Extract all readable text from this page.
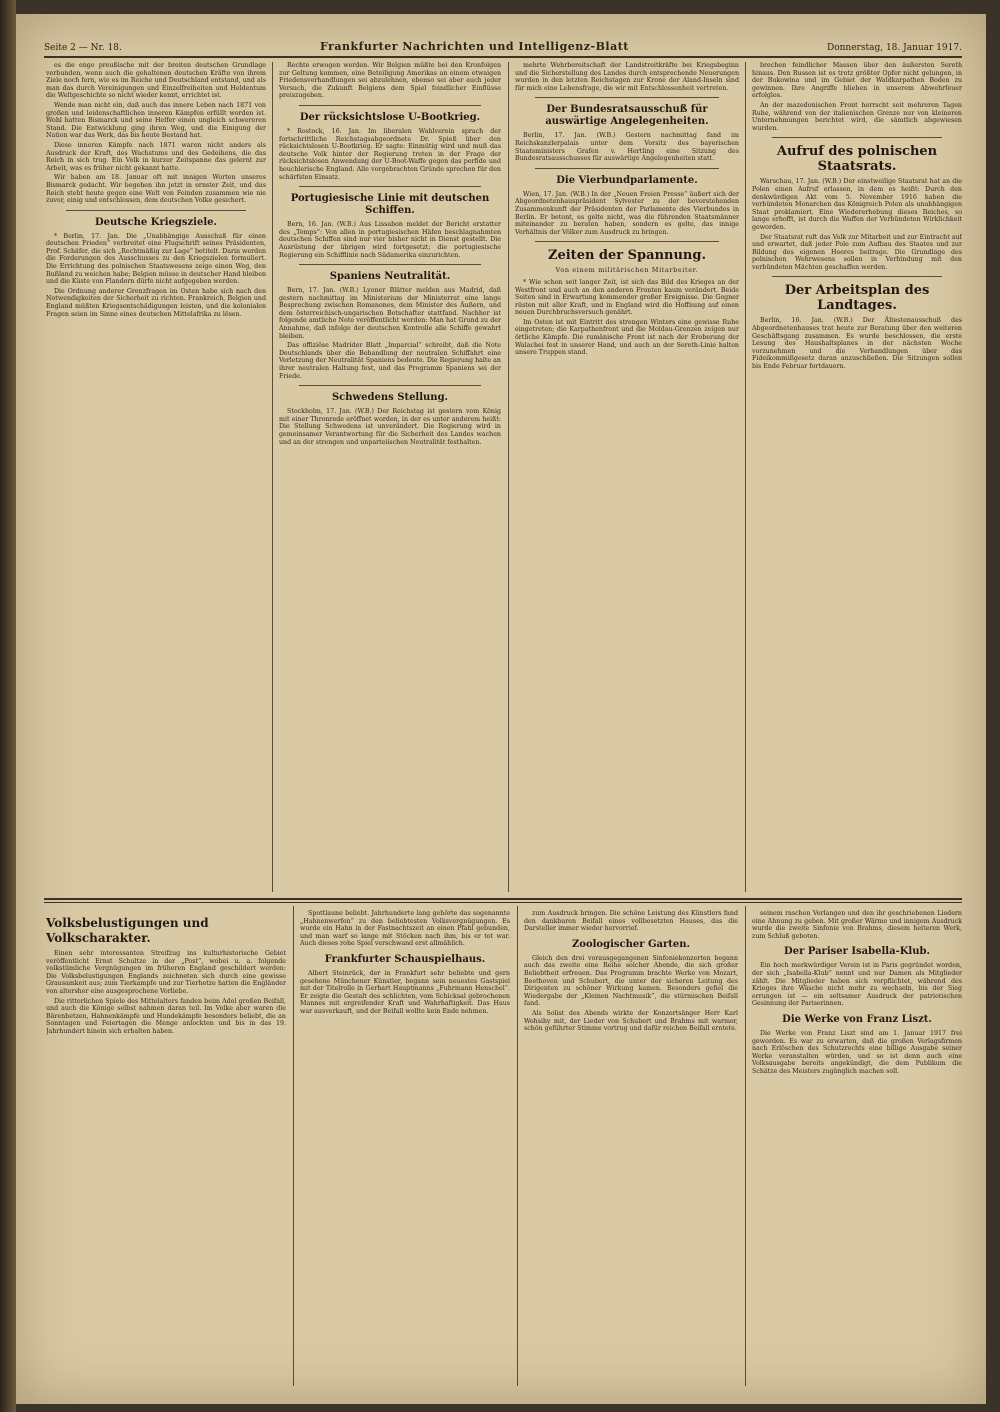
Seite 2 — Nr. 18.	Frankfurter Nachrichten und Intelligenz-Blatt	Donnerstag, 18. Januar 1917.

es die enge preußische mit der breiten deutschen Grundlage verbunden, wenn auch die gehaltenen deutschen Kräfte von ihrem Ziele noch fern, wie es im Reiche und Deutschland entstand, und als man das durch Vereinigungen und Einzelfreiheiten und Heldentum die Weltgeschichte so nicht wieder kennt, errichtet ist.

Wende man nicht ein, daß auch das innere Leben nach 1871 von großen und leidenschaftlichen inneren Kämpfen erfüllt worden ist. Wohl hatten Bismarck und seine Helfer einen ungleich schwereren Stand. Die Entwicklung ging ihren Weg, und die Einigung der Nation war das Werk, das bis heute Bestand hat.

Diese inneren Kämpfe nach 1871 waren nicht anders als Ausdruck der Kraft, des Wachstums und des Gedeihens, die das Reich in sich trug. Ein Volk in kurzer Zeitspanne das gelernt zur Arbeit, was es früher nicht gekannt hatte.

Wir haben am 18. Januar oft mit innigen Worten unseres Bismarck gedacht. Wir begehen ihn jetzt in ernster Zeit, und das Reich steht heute gegen eine Welt von Feinden zusammen wie nie zuvor, einig und entschlossen, dem deutschen Volke gesichert.

Deutsche Kriegsziele.

* Berlin, 17. Jan. Die „Unabhängige Ausschuß für einen deutschen Frieden“ verbreitet eine Flugschrift seines Präsidenten, Prof. Schäfer, die sich „Rechtmäßig zur Lage“ betitelt. Darin werden die Forderungen des Ausschusses zu den Kriegszielen formuliert. Die Errichtung des polnischen Staatswesens zeige einen Weg, den Rußland zu weichen habe; Belgien müsse in deutscher Hand bleiben und die Küste von Flandern dürfe nicht aufgegeben werden.

Die Ordnung anderer Grenzfragen im Osten habe sich nach den Notwendigkeiten der Sicherheit zu richten. Frankreich, Belgien und England müßten Kriegsentschädigungen leisten, und die kolonialen Fragen seien im Sinne eines deutschen Mittelafrika zu lösen.

Rechte erwogen werden. Wir Belgien müßte bei den Kronfolgen zur Geltung kommen, eine Beteiligung Amerikas an einem etwaigen Friedensverhandlungen sei abzulehnen, ebenso sei aber auch jeder Versuch, die Zukunft Belgiens dem Spiel feindlicher Einflüsse preiszugeben.

Der rücksichtslose U-Bootkrieg.

* Rostock, 16. Jan. Im liberalen Wahlverein sprach der fortschrittliche Reichstagsabgeordnete Dr. Spieß über den rücksichtslosen U-Bootkrieg. Er sagte: Einmütig wird und muß das deutsche Volk hinter der Regierung treten in der Frage der rücksichtslosen Anwendung der U-Boot-Waffe gegen das perfide und heuchlerische England. Alle vorgebrachten Gründe sprechen für den schärfsten Einsatz.

Portugiesische Linie mit deutschen Schiffen.

Bern, 16. Jan. (W.B.) Aus Lissabon meldet der Bericht erstatter des „Temps“: Von allen in portugiesischen Häfen beschlagnahmten deutschen Schiffen sind nur vier bisher nicht in Dienst gestellt. Die Ausrüstung der übrigen wird fortgesetzt; die portugiesische Regierung ein Schifflinie nach Südamerika einzurichten.

Spaniens Neutralität.

Bern, 17. Jan. (W.B.) Lyoner Blätter melden aus Madrid, daß gestern nachmittag im Ministerium der Ministerrat eine lange Besprechung zwischen Romanones, dem Minister des Äußern, und dem österreichisch-ungarischen Botschafter stattfand. Nachher ist folgende amtliche Note veröffentlicht worden: Man hat Grund zu der Annahme, daß infolge der deutschen Kontrolle alle Schiffe gewahrt bleiben.

Das offiziöse Madrider Blatt „Imparcial“ schreibt, daß die Note Deutschlands über die Behandlung der neutralen Schiffahrt eine Verletzung der Neutralität Spaniens bedeute. Die Regierung halte an ihrer neutralen Haltung fest, und das Programm Spaniens sei der Friede.

Schwedens Stellung.

Stockholm, 17. Jan. (W.B.) Der Reichstag ist gestern vom König mit einer Thronrede eröffnet worden, in der es unter anderem heißt: Die Stellung Schwedens ist unverändert. Die Regierung wird in gemeinsamer Verantwortung für die Sicherheit des Landes wachen und an der strengen und unparteiischen Neutralität festhalten.

mehrte Wehrbereitschaft der Landstreitkräfte bei Kriegsbeginn und die Sicherstellung des Landes durch entsprechende Neuerungen wurden in den letzten Reichstagen zur Krone der Aland-Inseln sind für mich eine Lebensfrage, die wir mit Entschlossenheit vertreten.

Der Bundesratsausschuß für auswärtige Angelegenheiten.

Berlin, 17. Jan. (W.B.) Gestern nachmittag fand im Reichskanzlerpalais unter dem Vorsitz des bayerischen Staatsministers Grafen v. Hertling eine Sitzung des Bundesratsausschusses für auswärtige Angelegenheiten statt.

Die Vierbundparlamente.

Wien, 17. Jan. (W.B.) In der „Neuen Freien Presse“ äußert sich der Abgeordnetenhauspräsident Sylvester zu der bevorstehenden Zusammenkunft der Präsidenten der Parlamente des Vierbundes in Berlin. Er betont, es gelte nicht, was die führenden Staatsmänner miteinander zu beraten haben, sondern es gelte, das innige Verhältnis der Völker zum Ausdruck zu bringen.

Zeiten der Spannung.
Von einem militärischen Mitarbeiter.

* Wie schon seit langer Zeit, ist sich das Bild des Krieges an der Westfront und auch an den anderen Fronten kaum verändert. Beide Seiten sind in Erwartung kommender großer Ereignisse. Die Gegner rüsten mit aller Kraft, und in England wird die Hoffnung auf einen neuen Durchbruchsversuch genährt.

Im Osten ist mit Eintritt des strengen Winters eine gewisse Ruhe eingetreten; die Karpathenfront und die Moldau-Grenzen zeigen nur örtliche Kämpfe. Die rumänische Front ist nach der Eroberung der Walachei fest in unserer Hand, und auch an der Sereth-Linie halten unsere Truppen stand.

brechen feindlicher Massen über den äußersten Sereth hinaus. Den Russen ist es trotz größter Opfer nicht gelungen, in der Bukowina und im Gebiet der Waldkarpathen Boden zu gewinnen. Ihre Angriffe blieben in unserem Abwehrfeuer erfolglos.

An der mazedonischen Front herrscht seit mehreren Tagen Ruhe, während von der italienischen Grenze nur von kleineren Unternehmungen berichtet wird, die sämtlich abgewiesen wurden.

Aufruf des polnischen Staatsrats.

Warschau, 17. Jan. (W.B.) Der einstweilige Staatsrat hat an die Polen einen Aufruf erlassen, in dem es heißt: Durch den denkwürdigen Akt vom 5. November 1916 haben die verbündeten Monarchen das Königreich Polen als unabhängigen Staat proklamiert. Eine Wiedererhebung dieses Reiches, so lange erhofft, ist durch die Waffen der Verbündeten Wirklichkeit geworden.

Der Staatsrat ruft das Volk zur Mitarbeit und zur Eintracht auf und erwartet, daß jeder Pole zum Aufbau des Staates und zur Bildung des eigenen Heeres beitrage. Die Grundlage des polnischen Wehrwesens sollen in Verbindung mit den verbündeten Mächten geschaffen werden.

Der Arbeitsplan des Landtages.

Berlin, 16. Jan. (W.B.) Der Ältestenausschuß des Abgeordnetenhauses trat heute zur Beratung über den weiteren Geschäftsgang zusammen. Es wurde beschlossen, die erste Lesung des Haushaltsplanes in der nächsten Woche vorzunehmen und die Verhandlungen über das Fideikommißgesetz daran anzuschließen. Die Sitzungen sollen bis Ende Februar fortdauern.

Volksbelustigungen und Volkscharakter.

Einen sehr interessanten Streifzug ins kulturhistorische Gebiet veröffentlicht Ernst Schultze in der „Post“, wobei u. a. folgende volkstümliche Vergnügungen im früheren England geschildert werden: Die Volksbelustigungen Englands zeichneten sich durch eine gewisse Grausamkeit aus; zum Tierkampfe und zur Tierhetze hatten die Engländer von altersher eine ausgesprochene Vorliebe.

Die ritterlichen Spiele des Mittelalters fanden beim Adel großen Beifall, und auch die Könige selbst nahmen daran teil. Im Volke aber waren die Bärenhetzen, Hahnenkämpfe und Hundekämpfe besonders beliebt, die an Sonntagen und Feiertagen die Menge anlockten und bis in das 19. Jahrhundert hinein sich erhalten haben.

Spottlaune beliebt. Jahrhunderte lang gehörte das sogenannte „Hahnenwerfen“ zu den beliebtesten Volksvergnügungen. Es wurde ein Hahn in der Fastnachtszeit an einen Pfahl gebunden, und man warf so lange mit Stöcken nach ihm, bis er tot war. Auch dieses rohe Spiel verschwand erst allmählich.

Frankfurter Schauspielhaus.

Albert Steinrück, der in Frankfurt sehr beliebte und gern gesehene Münchener Künstler, begann sein neuestes Gastspiel mit der Titelrolle in Gerhart Hauptmanns „Fuhrmann Henschel“. Er zeigte die Gestalt des schlichten, vom Schicksal gebrochenen Mannes mit ergreifender Kraft und Wahrhaftigkeit. Das Haus war ausverkauft, und der Beifall wollte kein Ende nehmen.

zum Ausdruck bringen. Die schöne Leistung des Künstlers fand den dankbaren Beifall eines vollbesetzten Hauses, das die Darsteller immer wieder hervorrief.

Zoologischer Garten.

Gleich den drei vorausgegangenen Sinfoniekonzerten begann auch das zweite eine Reihe solcher Abende, die sich großer Beliebtheit erfreuen. Das Programm brachte Werke von Mozart, Beethoven und Schubert, die unter der sicheren Leitung des Dirigenten zu schöner Wirkung kamen. Besonders gefiel die Wiedergabe der „Kleinen Nachtmusik“, die stürmischen Beifall fand.

Als Solist des Abends wirkte der Konzertsänger Herr Karl Wehsihy mit, der Lieder von Schubert und Brahms mit warmer, schön geführter Stimme vortrug und dafür reichen Beifall erntete.

seinem raschen Verlangen und den ihr geschriebenen Liedern eine Ahnung zu geben. Mit großer Wärme und innigem Ausdruck wurde die zweite Sinfonie von Brahms, diesem heiteren Werk, zum Schluß geboten.

Der Pariser Isabella-Klub.

Ein hoch merkwürdiger Verein ist in Paris gegründet worden, der sich „Isabella-Klub“ nennt und nur Damen als Mitglieder zählt. Die Mitglieder haben sich verpflichtet, während des Krieges ihre Wäsche nicht mehr zu wechseln, bis der Sieg errungen ist — ein seltsamer Ausdruck der patriotischen Gesinnung der Pariserinnen.

Die Werke von Franz Liszt.

Die Werke von Franz Liszt sind am 1. Januar 1917 frei geworden. Es war zu erwarten, daß die großen Verlagsfirmen nach Erlöschen des Schutzrechts eine billige Ausgabe seiner Werke veranstalten würden, und so ist denn auch eine Volksausgabe bereits angekündigt, die dem Publikum die Schätze des Meisters zugänglich machen soll.
